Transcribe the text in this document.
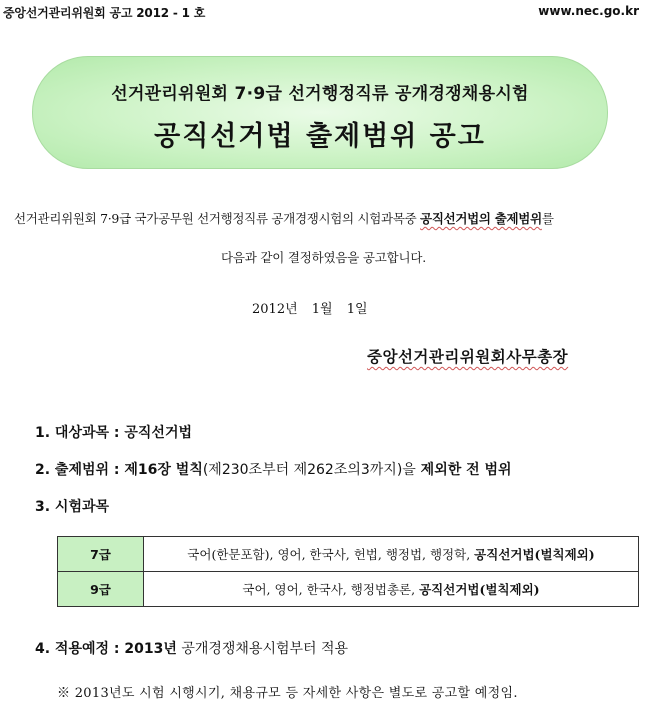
중앙선거관리위원회 공고 2012 - 1 호	www.nec.go.kr
선거관리위원회 7·9급 선거행정직류 공개경쟁채용시험
공직선거법 출제범위 공고
선거관리위원회 7·9급 국가공무원 선거행정직류 공개경쟁시험의 시험과목중 공직선거법의 출제범위를
다음과 같이 결정하였음을 공고합니다.
2012년 1월 1일
중앙선거관리위원회사무총장
1. 대상과목 : 공직선거법
2. 출제범위 : 제16장 벌칙(제230조부터 제262조의3까지)을 제외한 전 범위
3. 시험과목
7급	국어(한문포함), 영어, 한국사, 헌법, 행정법, 행정학, 공직선거법(벌칙제외)
9급	국어, 영어, 한국사, 행정법총론, 공직선거법(벌칙제외)
4. 적용예정 : 2013년 공개경쟁채용시험부터 적용
※ 2013년도 시험 시행시기, 채용규모 등 자세한 사항은 별도로 공고할 예정임.
